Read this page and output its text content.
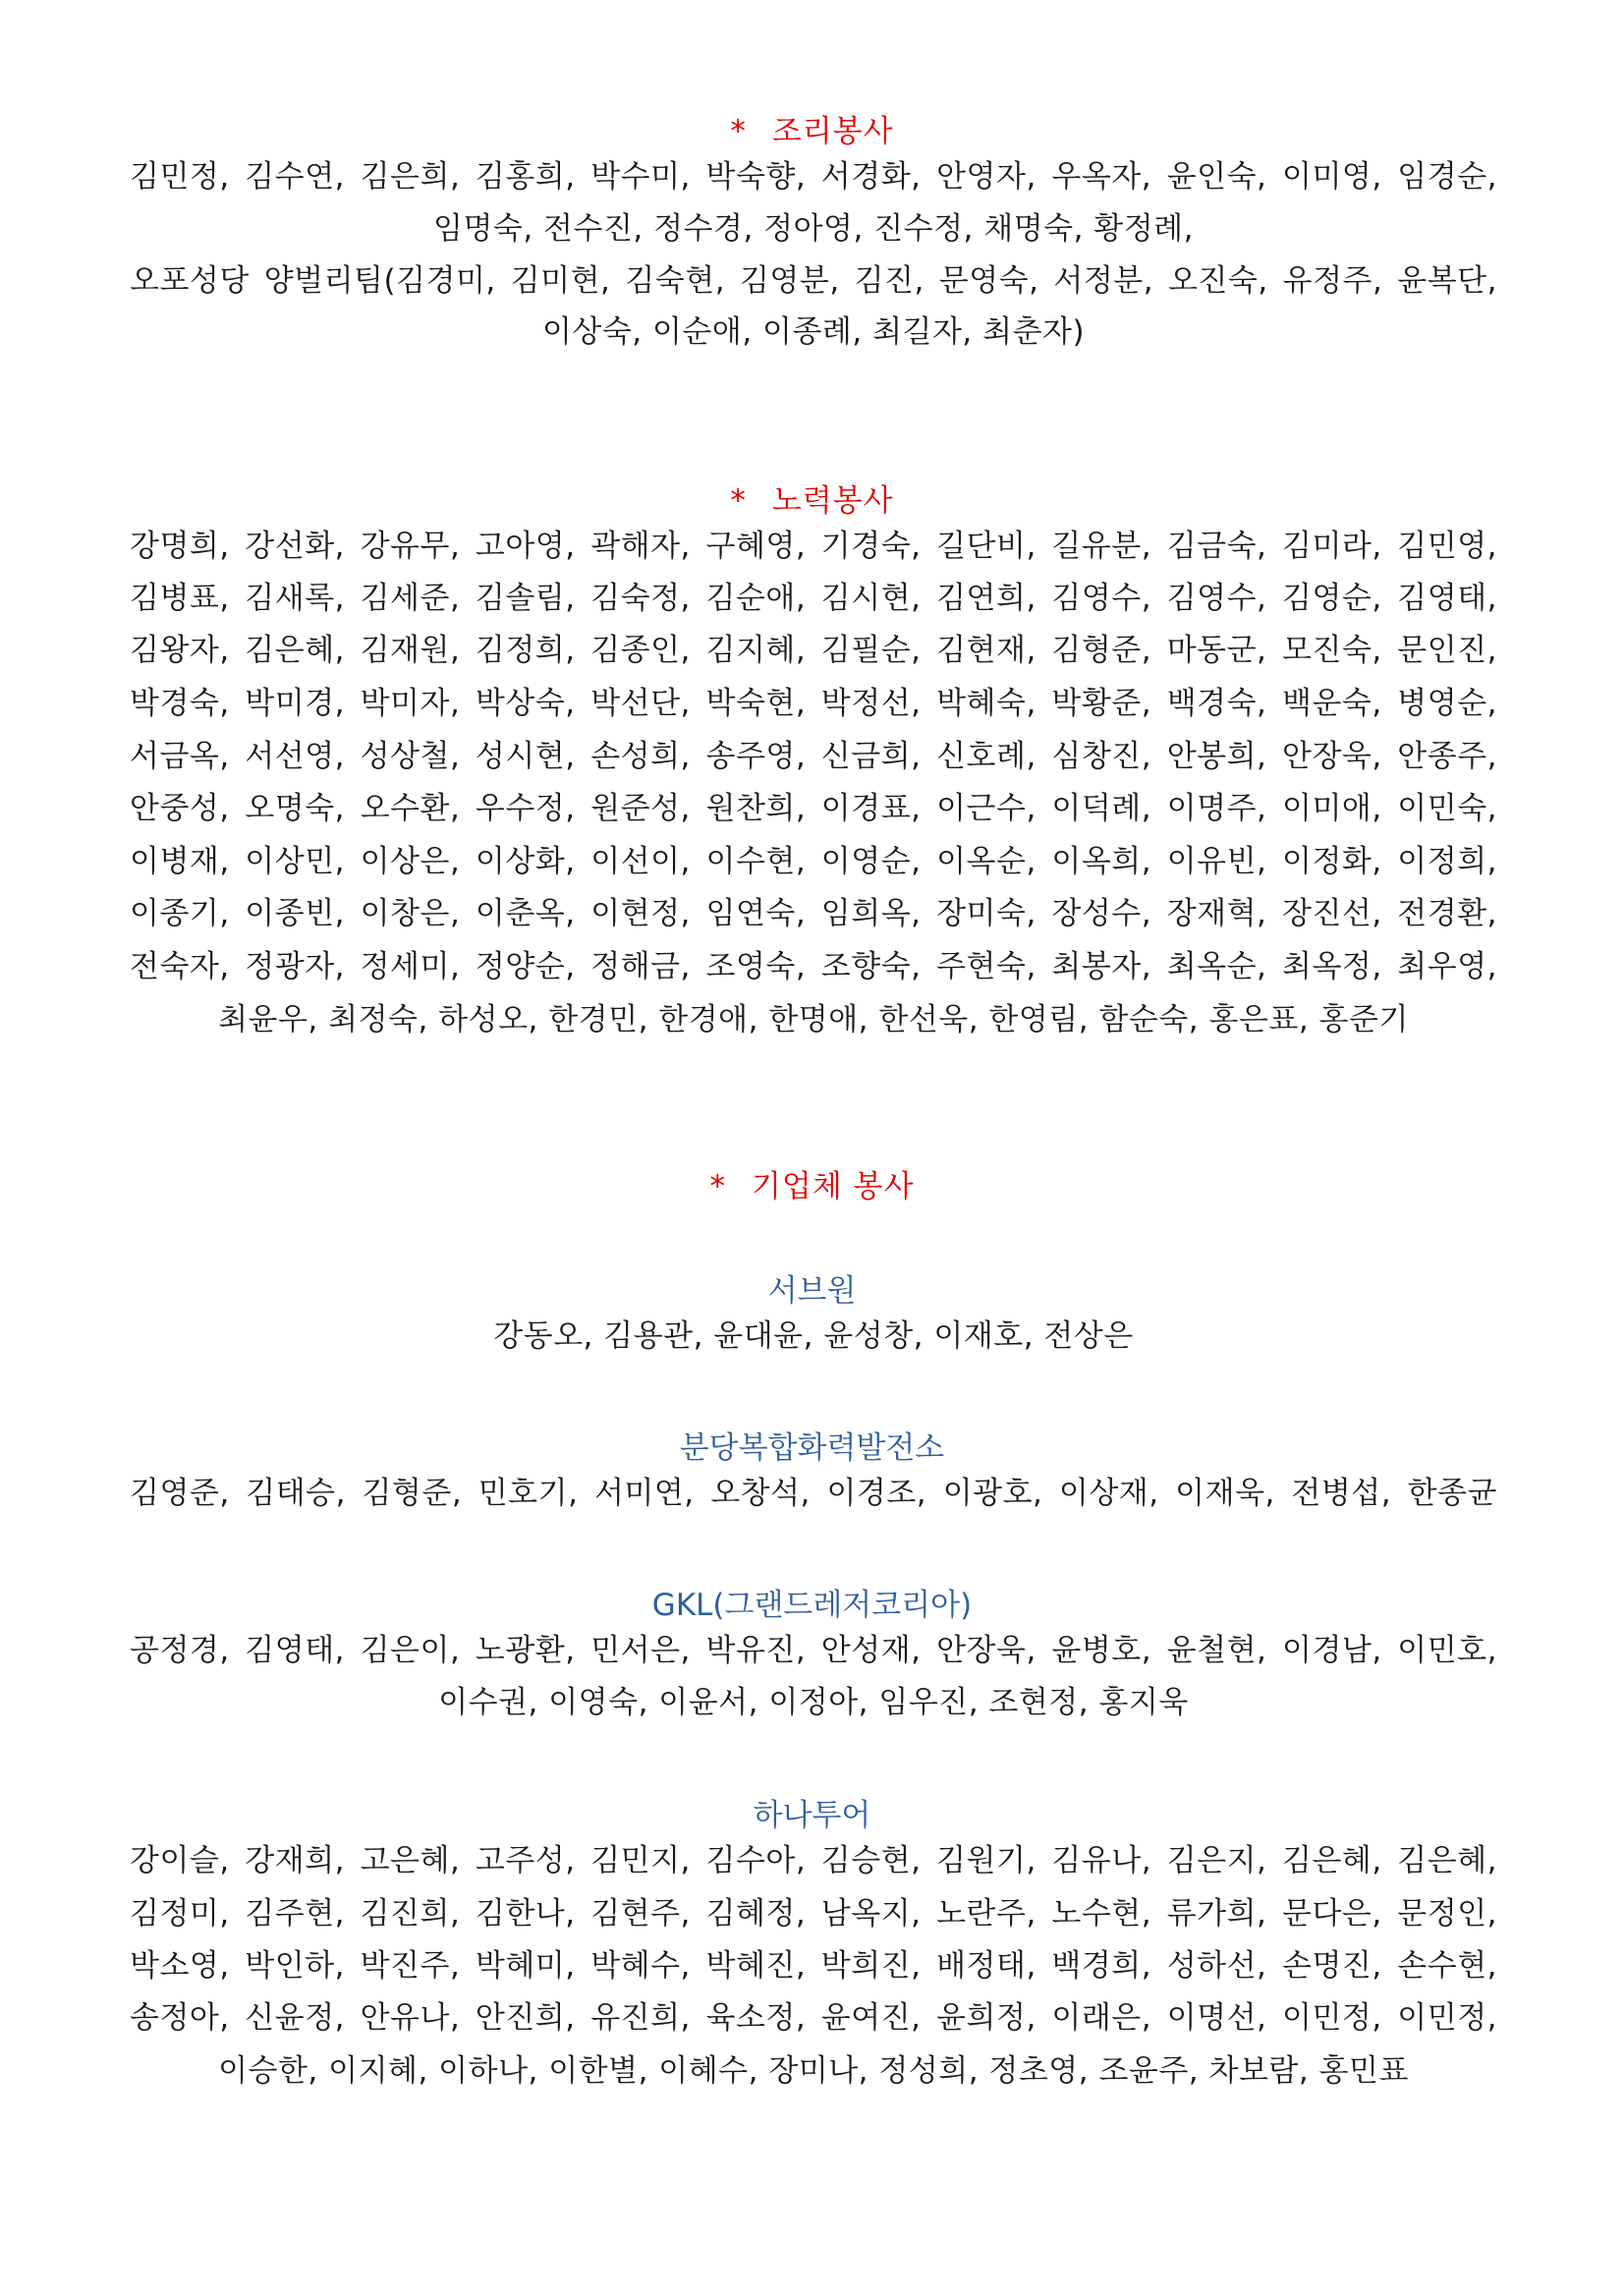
* 조리봉사
김민정, 김수연, 김은희, 김홍희, 박수미, 박숙향, 서경화, 안영자, 우옥자, 윤인숙, 이미영, 임경순,
임명숙, 전수진, 정수경, 정아영, 진수정, 채명숙, 황정례,
오포성당 양벌리팀(김경미, 김미현, 김숙현, 김영분, 김진, 문영숙, 서정분, 오진숙, 유정주, 윤복단,
이상숙, 이순애, 이종례, 최길자, 최춘자)
* 노력봉사
강명희, 강선화, 강유무, 고아영, 곽해자, 구혜영, 기경숙, 길단비, 길유분, 김금숙, 김미라, 김민영,
김병표, 김새록, 김세준, 김솔림, 김숙정, 김순애, 김시현, 김연희, 김영수, 김영수, 김영순, 김영태,
김왕자, 김은혜, 김재원, 김정희, 김종인, 김지혜, 김필순, 김현재, 김형준, 마동군, 모진숙, 문인진,
박경숙, 박미경, 박미자, 박상숙, 박선단, 박숙현, 박정선, 박혜숙, 박황준, 백경숙, 백운숙, 병영순,
서금옥, 서선영, 성상철, 성시현, 손성희, 송주영, 신금희, 신호례, 심창진, 안봉희, 안장욱, 안종주,
안중성, 오명숙, 오수환, 우수정, 원준성, 원찬희, 이경표, 이근수, 이덕례, 이명주, 이미애, 이민숙,
이병재, 이상민, 이상은, 이상화, 이선이, 이수현, 이영순, 이옥순, 이옥희, 이유빈, 이정화, 이정희,
이종기, 이종빈, 이창은, 이춘옥, 이현정, 임연숙, 임희옥, 장미숙, 장성수, 장재혁, 장진선, 전경환,
전숙자, 정광자, 정세미, 정양순, 정해금, 조영숙, 조향숙, 주현숙, 최봉자, 최옥순, 최옥정, 최우영,
최윤우, 최정숙, 하성오, 한경민, 한경애, 한명애, 한선욱, 한영림, 함순숙, 홍은표, 홍준기
* 기업체 봉사
서브원
강동오, 김용관, 윤대윤, 윤성창, 이재호, 전상은
분당복합화력발전소
김영준, 김태승, 김형준, 민호기, 서미연, 오창석, 이경조, 이광호, 이상재, 이재욱, 전병섭, 한종균
GKL(그랜드레저코리아)
공정경, 김영태, 김은이, 노광환, 민서은, 박유진, 안성재, 안장욱, 윤병호, 윤철현, 이경남, 이민호,
이수권, 이영숙, 이윤서, 이정아, 임우진, 조현정, 홍지욱
하나투어
강이슬, 강재희, 고은혜, 고주성, 김민지, 김수아, 김승현, 김원기, 김유나, 김은지, 김은혜, 김은혜,
김정미, 김주현, 김진희, 김한나, 김현주, 김혜정, 남옥지, 노란주, 노수현, 류가희, 문다은, 문정인,
박소영, 박인하, 박진주, 박혜미, 박혜수, 박혜진, 박희진, 배정태, 백경희, 성하선, 손명진, 손수현,
송정아, 신윤정, 안유나, 안진희, 유진희, 육소정, 윤여진, 윤희정, 이래은, 이명선, 이민정, 이민정,
이승한, 이지혜, 이하나, 이한별, 이혜수, 장미나, 정성희, 정초영, 조윤주, 차보람, 홍민표
